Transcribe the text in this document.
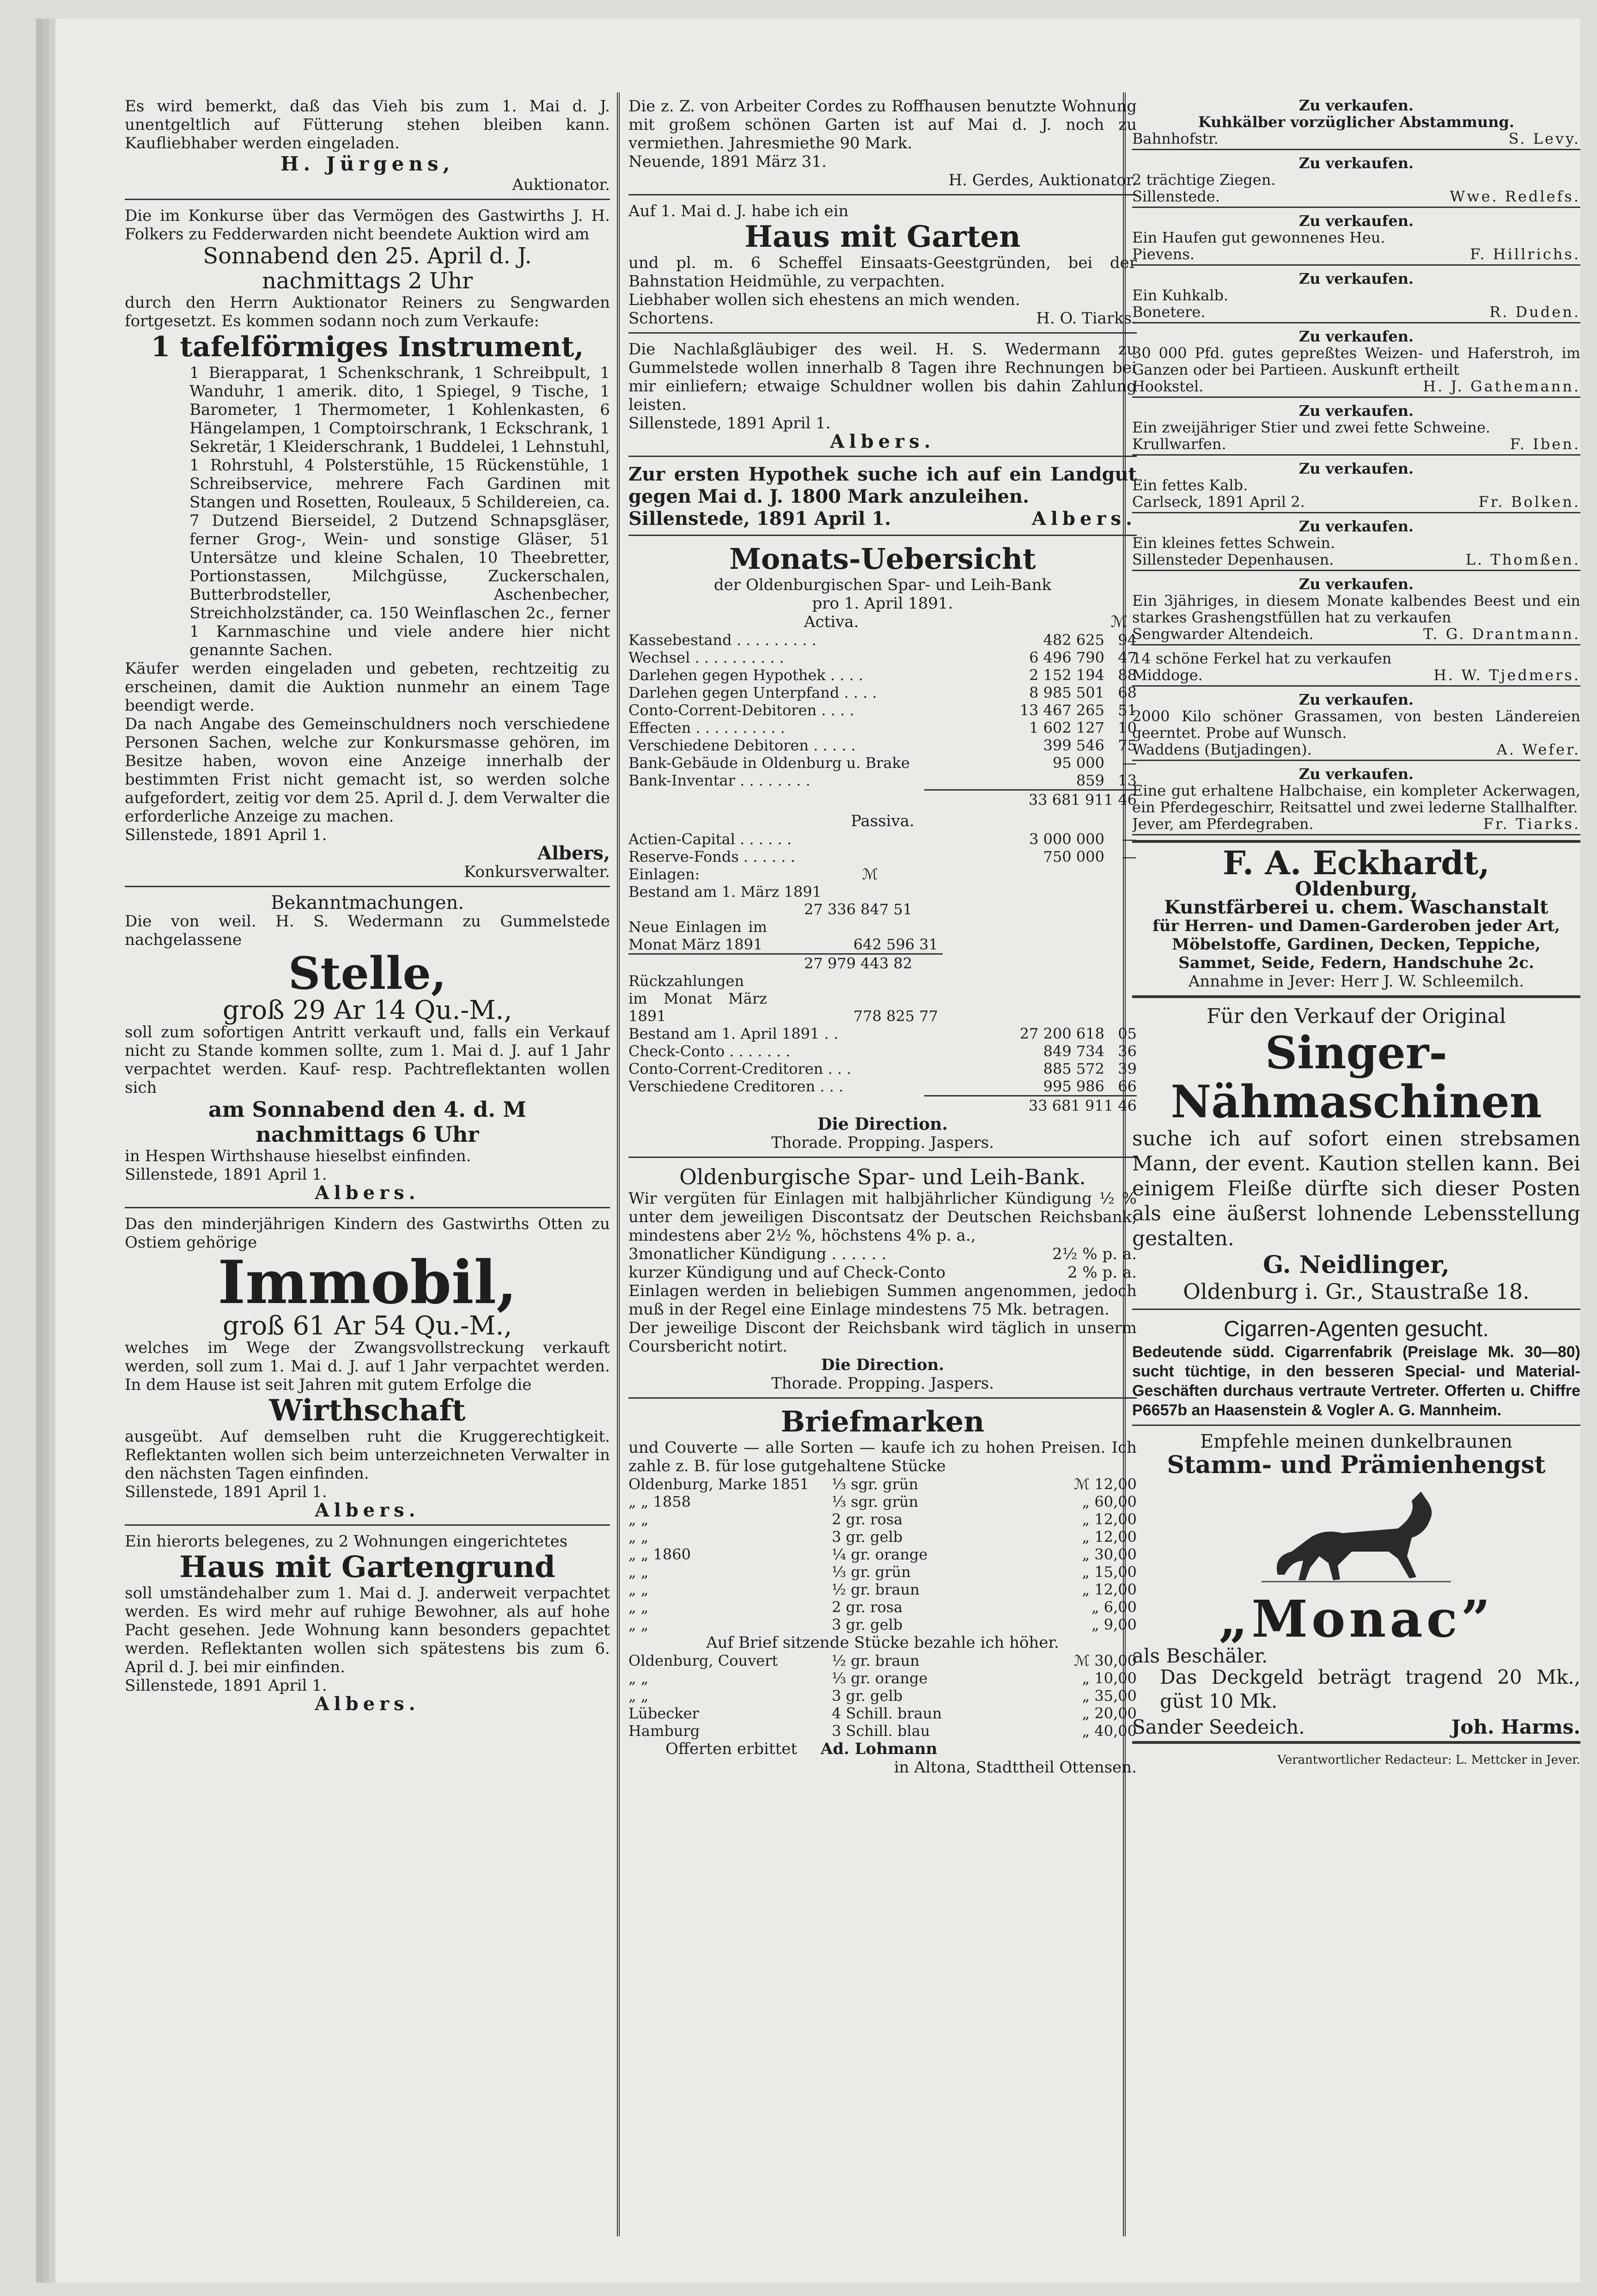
Es wird bemerkt, daß das Vieh bis zum 1. Mai d. J. unentgeltlich auf Fütterung stehen bleiben kann. Kaufliebhaber werden eingeladen.
H. Jürgens,
Auktionator.
Die im Konkurse über das Vermögen des Gastwirths J. H. Folkers zu Fedderwarden nicht beendete Auktion wird am
Sonnabend den 25. April d. J.
nachmittags 2 Uhr
durch den Herrn Auktionator Reiners zu Sengwarden fortgesetzt. Es kommen sodann noch zum Verkaufe:
1 tafelförmiges Instrument,
1 Bierapparat, 1 Schenkschrank, 1 Schreibpult, 1 Wanduhr, 1 amerik. dito, 1 Spiegel, 9 Tische, 1 Barometer, 1 Thermometer, 1 Kohlenkasten, 6 Hängelampen, 1 Comptoirschrank, 1 Eckschrank, 1 Sekretär, 1 Kleiderschrank, 1 Buddelei, 1 Lehnstuhl, 1 Rohrstuhl, 4 Polsterstühle, 15 Rückenstühle, 1 Schreibservice, mehrere Fach Gardinen mit Stangen und Rosetten, Rouleaux, 5 Schildereien, ca. 7 Dutzend Bierseidel, 2 Dutzend Schnapsgläser, ferner Grog-, Wein- und sonstige Gläser, 51 Untersätze und kleine Schalen, 10 Theebretter, Portionstassen, Milchgüsse, Zuckerschalen, Butterbrodsteller, Aschenbecher, Streichholzständer, ca. 150 Weinflaschen 2c., ferner 1 Karnmaschine und viele andere hier nicht genannte Sachen.
Käufer werden eingeladen und gebeten, rechtzeitig zu erscheinen, damit die Auktion nunmehr an einem Tage beendigt werde.
Da nach Angabe des Gemeinschuldners noch verschiedene Personen Sachen, welche zur Konkursmasse gehören, im Besitze haben, wovon eine Anzeige innerhalb der bestimmten Frist nicht gemacht ist, so werden solche aufgefordert, zeitig vor dem 25. April d. J. dem Verwalter die erforderliche Anzeige zu machen.
Sillenstede, 1891 April 1.
Albers,
Konkursverwalter.
Bekanntmachungen.
Die von weil. H. S. Wedermann zu Gummelstede nachgelassene
Stelle,
groß 29 Ar 14 Qu.-M.,
soll zum sofortigen Antritt verkauft und, falls ein Verkauf nicht zu Stande kommen sollte, zum 1. Mai d. J. auf 1 Jahr verpachtet werden. Kauf- resp. Pachtreflektanten wollen sich
am Sonnabend den 4. d. M
nachmittags 6 Uhr
in Hespen Wirthshause hieselbst einfinden.
Sillenstede, 1891 April 1.
Albers.
Das den minderjährigen Kindern des Gastwirths Otten zu Ostiem gehörige
Immobil,
groß 61 Ar 54 Qu.-M.,
welches im Wege der Zwangsvollstreckung verkauft werden, soll zum 1. Mai d. J. auf 1 Jahr verpachtet werden. In dem Hause ist seit Jahren mit gutem Erfolge die
Wirthschaft
ausgeübt. Auf demselben ruht die Kruggerechtigkeit. Reflektanten wollen sich beim unterzeichneten Verwalter in den nächsten Tagen einfinden.
Sillenstede, 1891 April 1.
Albers.
Ein hierorts belegenes, zu 2 Wohnungen eingerichtetes
Haus mit Gartengrund
soll umständehalber zum 1. Mai d. J. anderweit verpachtet werden. Es wird mehr auf ruhige Bewohner, als auf hohe Pacht gesehen. Jede Wohnung kann besonders gepachtet werden. Reflektanten wollen sich spätestens bis zum 6. April d. J. bei mir einfinden.
Sillenstede, 1891 April 1.
Albers.
Die z. Z. von Arbeiter Cordes zu Roffhausen benutzte Wohnung mit großem schönen Garten ist auf Mai d. J. noch zu vermiethen. Jahresmiethe 90 Mark.
Neuende, 1891 März 31.
H. Gerdes, Auktionator.
Auf 1. Mai d. J. habe ich ein
Haus mit Garten
und pl. m. 6 Scheffel Einsaats-Geestgründen, bei der Bahnstation Heidmühle, zu verpachten.
Liebhaber wollen sich ehestens an mich wenden.
Schortens.	H. O. Tiarks.
Die Nachlaßgläubiger des weil. H. S. Wedermann zu Gummelstede wollen innerhalb 8 Tagen ihre Rechnungen bei mir einliefern; etwaige Schuldner wollen bis dahin Zahlung leisten.
Sillenstede, 1891 April 1.
Albers.
Zur ersten Hypothek suche ich auf ein Landgut gegen Mai d. J. 1800 Mark anzuleihen.
Sillenstede, 1891 April 1.	Albers.
Monats-Uebersicht
der Oldenburgischen Spar- und Leih-Bank
pro 1. April 1891.
Activa.	ℳ
Kassebestand . . . . . . . . .	482 625	94
Wechsel . . . . . . . . . .	6 496 790	47
Darlehen gegen Hypothek . . . .	2 152 194	88
Darlehen gegen Unterpfand . . . .	8 985 501	68
Conto-Corrent-Debitoren . . . .	13 467 265	51
Effecten . . . . . . . . . .	1 602 127	10
Verschiedene Debitoren . . . . .	399 546	75
Bank-Gebäude in Oldenburg u. Brake	95 000	—
Bank-Inventar . . . . . . . .	859	13
33 681 911 46
Passiva.
Actien-Capital . . . . . .	3 000 000	—
Reserve-Fonds . . . . . .	750 000	—
Einlagen:	ℳ
Bestand am 1. März 1891
27 336 847 51
Neue Einlagen im Monat März 1891	642 596 31
27 979 443 82
Rückzahlungen im Monat März 1891	778 825 77
Bestand am 1. April 1891 . .	27 200 618	05
Check-Conto . . . . . . .	849 734	36
Conto-Corrent-Creditoren . . .	885 572	39
Verschiedene Creditoren . . .	995 986	66
33 681 911 46
Die Direction.
Thorade. Propping. Jaspers.
Oldenburgische Spar- und Leih-Bank.
Wir vergüten für Einlagen mit halbjährlicher Kündigung ½ % unter dem jeweiligen Discontsatz der Deutschen Reichsbank, mindestens aber 2½ %, höchstens 4% p. a.,
3monatlicher Kündigung . . . . . .	2½ % p. a.
kurzer Kündigung und auf Check-Conto	2 % p. a.
Einlagen werden in beliebigen Summen angenommen, jedoch muß in der Regel eine Einlage mindestens 75 Mk. betragen.
Der jeweilige Discont der Reichsbank wird täglich in unserm Coursbericht notirt.
Die Direction.
Thorade. Propping. Jaspers.
Briefmarken
und Couverte — alle Sorten — kaufe ich zu hohen Preisen. Ich zahle z. B. für lose gutgehaltene Stücke
Oldenburg, Marke 1851	⅓ sgr. grün	ℳ 12,00
„ „ 1858	⅓ sgr. grün	„ 60,00
„ „	2 gr. rosa	„ 12,00
„ „	3 gr. gelb	„ 12,00
„ „ 1860	¼ gr. orange	„ 30,00
„ „	⅓ gr. grün	„ 15,00
„ „	½ gr. braun	„ 12,00
„ „	2 gr. rosa	„ 6,00
„ „	3 gr. gelb	„ 9,00
Auf Brief sitzende Stücke bezahle ich höher.
Oldenburg, Couvert	½ gr. braun	ℳ 30,00
„ „	⅓ gr. orange	„ 10,00
„ „	3 gr. gelb	„ 35,00
Lübecker	4 Schill. braun	„ 20,00
Hamburg	3 Schill. blau	„ 40,00
Offerten erbittet Ad. Lohmann
in Altona, Stadttheil Ottensen.
Zu verkaufen.
Kuhkälber vorzüglicher Abstammung.
Bahnhofstr.	S. Levy.
Zu verkaufen.
2 trächtige Ziegen.
Sillenstede.	Wwe. Redlefs.
Zu verkaufen.
Ein Haufen gut gewonnenes Heu.
Pievens.	F. Hillrichs.
Zu verkaufen.
Ein Kuhkalb.
Bonetere.	R. Duden.
Zu verkaufen.
30 000 Pfd. gutes gepreßtes Weizen- und Haferstroh, im Ganzen oder bei Partieen. Auskunft ertheilt
Hookstel.	H. J. Gathemann.
Zu verkaufen.
Ein zweijähriger Stier und zwei fette Schweine.
Krullwarfen.	F. Iben.
Zu verkaufen.
Ein fettes Kalb.
Carlseck, 1891 April 2.	Fr. Bolken.
Zu verkaufen.
Ein kleines fettes Schwein.
Sillensteder Depenhausen.	L. Thomßen.
Zu verkaufen.
Ein 3jähriges, in diesem Monate kalbendes Beest und ein starkes Grashengstfüllen hat zu verkaufen
Sengwarder Altendeich.	T. G. Drantmann.
14 schöne Ferkel hat zu verkaufen
Middoge.	H. W. Tjedmers.
Zu verkaufen.
2000 Kilo schöner Grassamen, von besten Ländereien geerntet. Probe auf Wunsch.
Waddens (Butjadingen).	A. Wefer.
Zu verkaufen.
Eine gut erhaltene Halbchaise, ein kompleter Ackerwagen, ein Pferdegeschirr, Reitsattel und zwei lederne Stallhalfter.
Jever, am Pferdegraben.	Fr. Tiarks.
F. A. Eckhardt,
Oldenburg,
Kunstfärberei u. chem. Waschanstalt
für Herren- und Damen-Garderoben jeder Art, Möbelstoffe, Gardinen, Decken, Teppiche, Sammet, Seide, Federn, Handschuhe 2c.
Annahme in Jever: Herr J. W. Schleemilch.
Für den Verkauf der Original
Singer-
Nähmaschinen
suche ich auf sofort einen strebsamen Mann, der event. Kaution stellen kann. Bei einigem Fleiße dürfte sich dieser Posten als eine äußerst lohnende Lebensstellung gestalten.
G. Neidlinger,
Oldenburg i. Gr., Staustraße 18.
Cigarren-Agenten gesucht.
Bedeutende südd. Cigarrenfabrik (Preislage Mk. 30—80) sucht tüchtige, in den besseren Special- und Material-Geschäften durchaus vertraute Vertreter. Offerten u. Chiffre P6657b an Haasenstein & Vogler A. G. Mannheim.
Empfehle meinen dunkelbraunen
Stamm- und Prämienhengst
„Monac”
als Beschäler.
Das Deckgeld beträgt tragend 20 Mk., güst 10 Mk.
Sander Seedeich.	Joh. Harms.
Verantwortlicher Redacteur: L. Mettcker in Jever.
